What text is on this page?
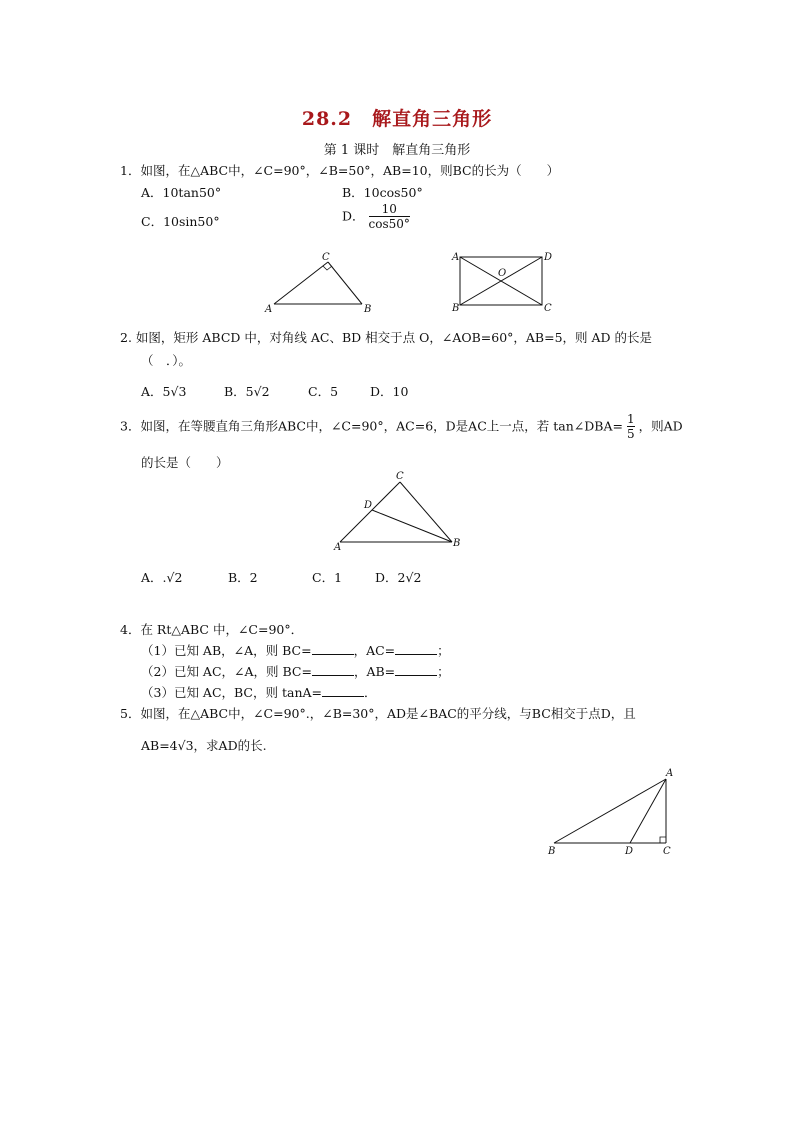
28.2　解直角三角形
第 1 课时　解直角三角形
1．如图，在△ABC中，∠C=90°，∠B=50°，AB=10，则BC的长为（　　）
A．10tan50°	B．10cos50°
C．10sin50°	D． $\frac{10}{\cos 50^\circ}$
C
A	B
A	D
O
B	C
2. 如图，矩形 ABCD 中，对角线 AC、BD 相交于点 O，∠AOB=60°，AB=5，则 AD 的长是
（　．）。
A．5√3	B．5√2	C．5	D．10
3．如图，在等腰直角三角形ABC中，∠C=90°，AC=6，D是AC上一点，若 tan∠DBA= $\frac{1}{5}$ ，则AD
的长是（　　）
C
D
A	B
A．.√2	B．2	C．1	D．2√2
4．在 Rt△ABC 中，∠C=90°．
（1）已知 AB，∠A，则 BC=	，AC=	；
（2）已知 AC，∠A，则 BC=	，AB=	；
（3）已知 AC，BC，则 tanA=	．
5．如图，在△ABC中，∠C=90°.，∠B=30°，AD是∠BAC的平分线，与BC相交于点D，且
AB=4√3，求AD的长.
A
B	D	C
